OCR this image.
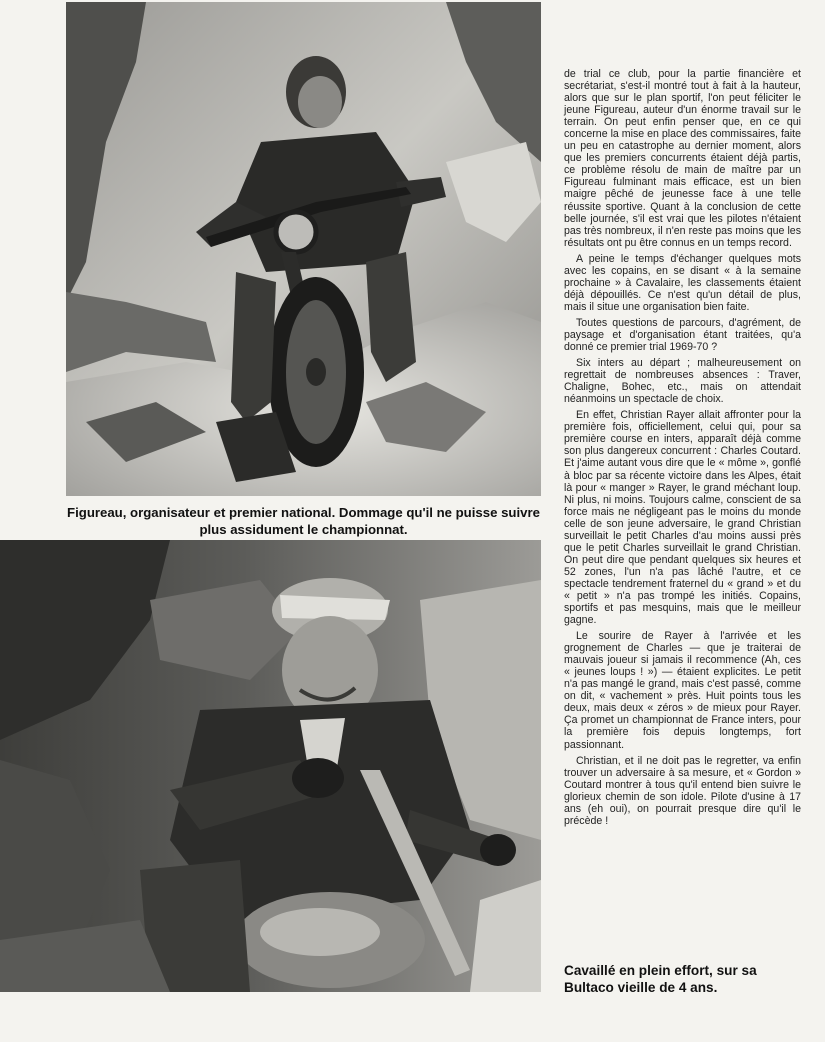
Figureau, organisateur et premier national. Dommage qu'il ne puisse suivre plus assidument le championnat.

de trial ce club, pour la partie financière et secrétariat, s'est-il montré tout à fait à la hauteur, alors que sur le plan sportif, l'on peut féliciter le jeune Figureau, auteur d'un énorme travail sur le terrain. On peut enfin penser que, en ce qui concerne la mise en place des commissaires, faite un peu en catastrophe au dernier moment, alors que les premiers concurrents étaient déjà partis, ce problème résolu de main de maître par un Figureau fulminant mais efficace, est un bien maigre pêché de jeunesse face à une telle réussite sportive. Quant à la conclusion de cette belle journée, s'il est vrai que les pilotes n'étaient pas très nombreux, il n'en reste pas moins que les résultats ont pu être connus en un temps record.

A peine le temps d'échanger quelques mots avec les copains, en se disant « à la semaine prochaine » à Cavalaire, les classements étaient déjà dépouillés. Ce n'est qu'un détail de plus, mais il situe une organisation bien faite.

Toutes questions de parcours, d'agrément, de paysage et d'organisation étant traitées, qu'a donné ce premier trial 1969-70 ?

Six inters au départ ; malheureusement on regrettait de nombreuses absences : Traver, Chaligne, Bohec, etc., mais on attendait néanmoins un spectacle de choix.

En effet, Christian Rayer allait affronter pour la première fois, officiellement, celui qui, pour sa première course en inters, apparaît déjà comme son plus dangereux concurrent : Charles Coutard. Et j'aime autant vous dire que le « môme », gonflé à bloc par sa récente victoire dans les Alpes, était là pour « manger » Rayer, le grand méchant loup. Ni plus, ni moins. Toujours calme, conscient de sa force mais ne négligeant pas le moins du monde celle de son jeune adversaire, le grand Christian surveillait le petit Charles d'au moins aussi près que le petit Charles surveillait le grand Christian. On peut dire que pendant quelques six heures et 52 zones, l'un n'a pas lâché l'autre, et ce spectacle tendrement fraternel du « grand » et du « petit » n'a pas trompé les initiés. Copains, sportifs et pas mesquins, mais que le meilleur gagne.

Le sourire de Rayer à l'arrivée et les grognement de Charles — que je traiterai de mauvais joueur si jamais il recommence (Ah, ces « jeunes loups ! ») — étaient explicites. Le petit n'a pas mangé le grand, mais c'est passé, comme on dit, « vachement » près. Huit points tous les deux, mais deux « zéros » de mieux pour Rayer. Ça promet un championnat de France inters, pour la première fois depuis longtemps, fort passionnant.

Christian, et il ne doit pas le regretter, va enfin trouver un adversaire à sa mesure, et « Gordon » Coutard montrer à tous qu'il entend bien suivre le glorieux chemin de son idole. Pilote d'usine à 17 ans (eh oui), on pourrait presque dire qu'il le précède !

Cavaillé en plein effort, sur sa Bultaco vieille de 4 ans.
